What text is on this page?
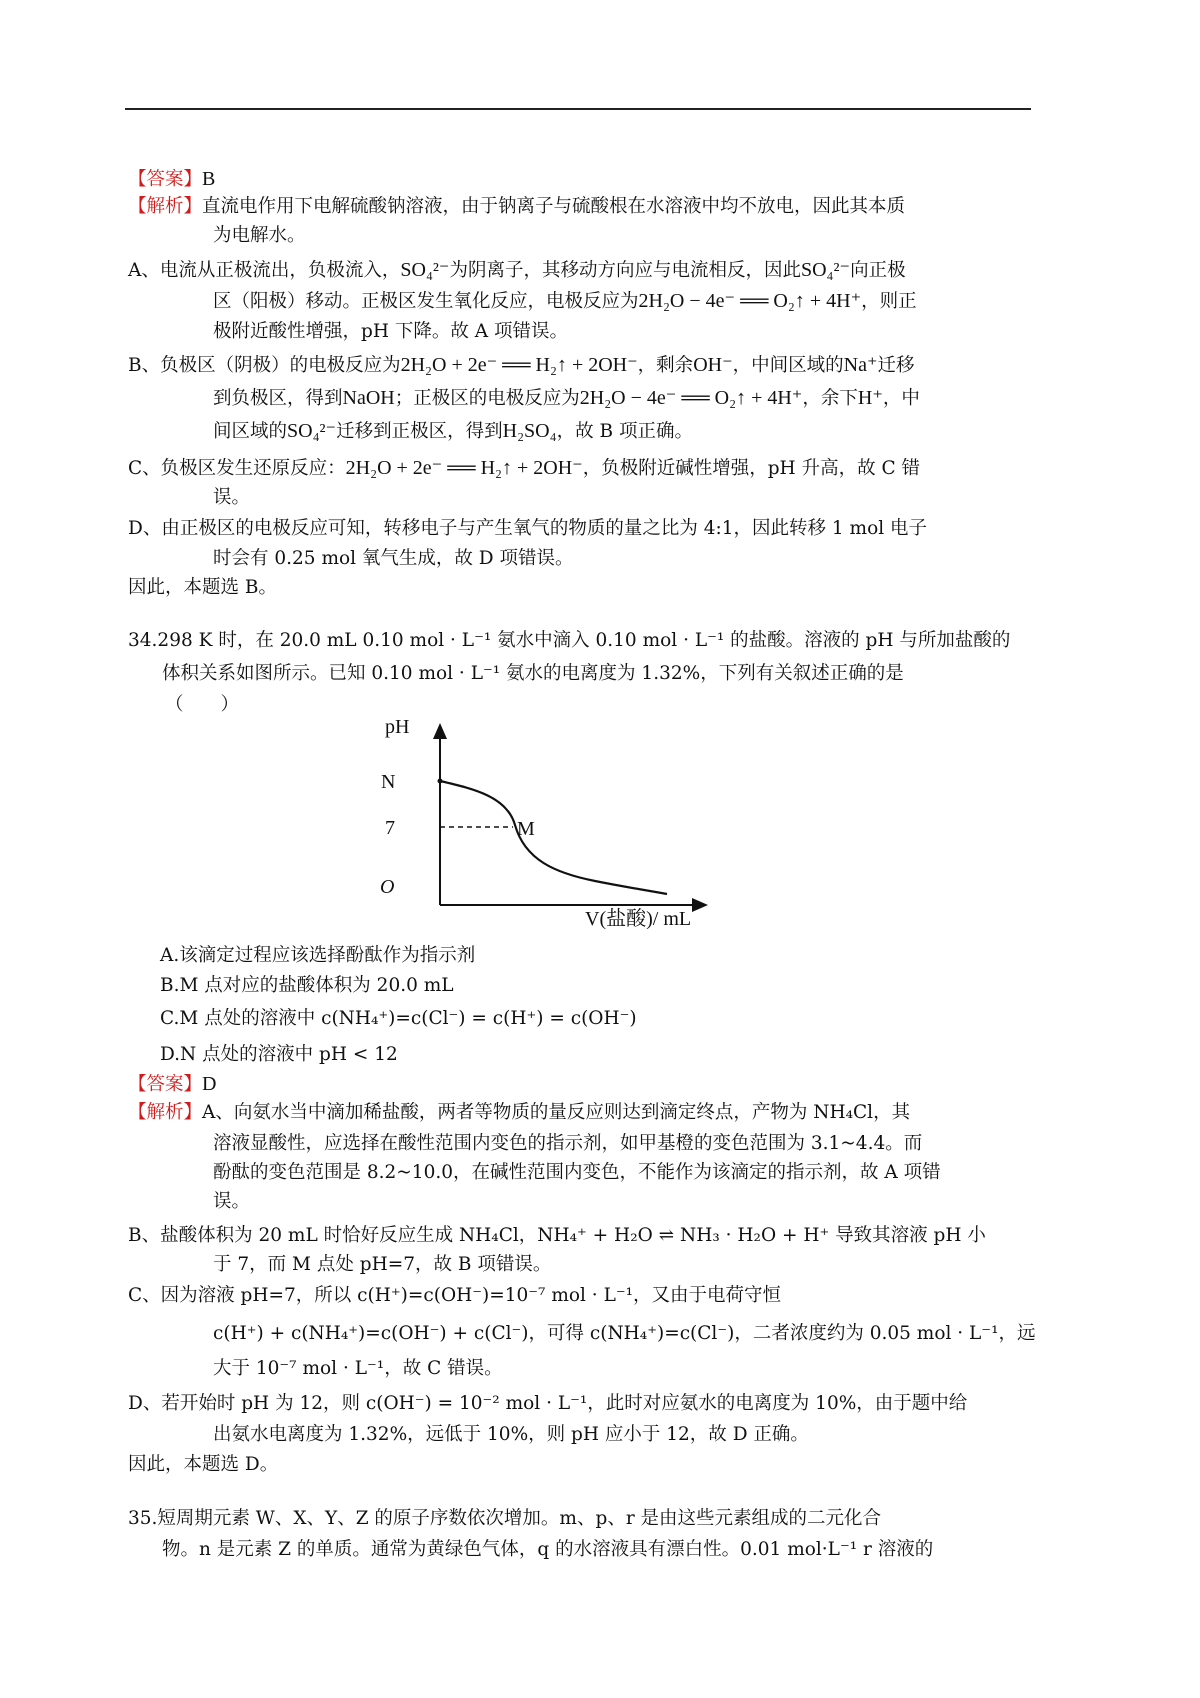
【答案】B
【解析】直流电作用下电解硫酸钠溶液，由于钠离子与硫酸根在水溶液中均不放电，因此其本质
为电解水。
A、电流从正极流出，负极流入，SO₄²⁻为阴离子，其移动方向应与电流相反，因此SO₄²⁻向正极
区（阳极）移动。正极区发生氧化反应，电极反应为2H₂O − 4e⁻ ══ O₂↑ + 4H⁺，则正
极附近酸性增强，pH 下降。故 A 项错误。
B、负极区（阴极）的电极反应为2H₂O + 2e⁻ ══ H₂↑ + 2OH⁻，剩余OH⁻，中间区域的Na⁺迁移
到负极区，得到NaOH；正极区的电极反应为2H₂O − 4e⁻ ══ O₂↑ + 4H⁺，余下H⁺，中
间区域的SO₄²⁻迁移到正极区，得到H₂SO₄，故 B 项正确。
C、负极区发生还原反应：2H₂O + 2e⁻ ══ H₂↑ + 2OH⁻，负极附近碱性增强，pH 升高，故 C 错
误。
D、由正极区的电极反应可知，转移电子与产生氧气的物质的量之比为 4:1，因此转移 1 mol 电子
时会有 0.25 mol 氧气生成，故 D 项错误。
因此，本题选 B。
34.298 K 时，在 20.0 mL 0.10 mol · L⁻¹ 氨水中滴入 0.10 mol · L⁻¹ 的盐酸。溶液的 pH 与所加盐酸的
体积关系如图所示。已知 0.10 mol · L⁻¹ 氨水的电离度为 1.32%，下列有关叙述正确的是
（　　）
pH
N
7	M
O
V(盐酸)/ mL
A.该滴定过程应该选择酚酞作为指示剂
B.M 点对应的盐酸体积为 20.0 mL
C.M 点处的溶液中 c(NH₄⁺)=c(Cl⁻) = c(H⁺) = c(OH⁻)
D.N 点处的溶液中 pH < 12
【答案】D
【解析】A、向氨水当中滴加稀盐酸，两者等物质的量反应则达到滴定终点，产物为 NH₄Cl，其
溶液显酸性，应选择在酸性范围内变色的指示剂，如甲基橙的变色范围为 3.1~4.4。而
酚酞的变色范围是 8.2~10.0，在碱性范围内变色，不能作为该滴定的指示剂，故 A 项错
误。
B、盐酸体积为 20 mL 时恰好反应生成 NH₄Cl，NH₄⁺ + H₂O ⇌ NH₃ · H₂O + H⁺ 导致其溶液 pH 小
于 7，而 M 点处 pH=7，故 B 项错误。
C、因为溶液 pH=7，所以 c(H⁺)=c(OH⁻)=10⁻⁷ mol · L⁻¹，又由于电荷守恒
c(H⁺) + c(NH₄⁺)=c(OH⁻) + c(Cl⁻)，可得 c(NH₄⁺)=c(Cl⁻)，二者浓度约为 0.05 mol · L⁻¹，远
大于 10⁻⁷ mol · L⁻¹，故 C 错误。
D、若开始时 pH 为 12，则 c(OH⁻) = 10⁻² mol · L⁻¹，此时对应氨水的电离度为 10%，由于题中给
出氨水电离度为 1.32%，远低于 10%，则 pH 应小于 12，故 D 正确。
因此，本题选 D。
35.短周期元素 W、X、Y、Z 的原子序数依次增加。m、p、r 是由这些元素组成的二元化合
物。n 是元素 Z 的单质。通常为黄绿色气体，q 的水溶液具有漂白性。0.01 mol·L⁻¹ r 溶液的
